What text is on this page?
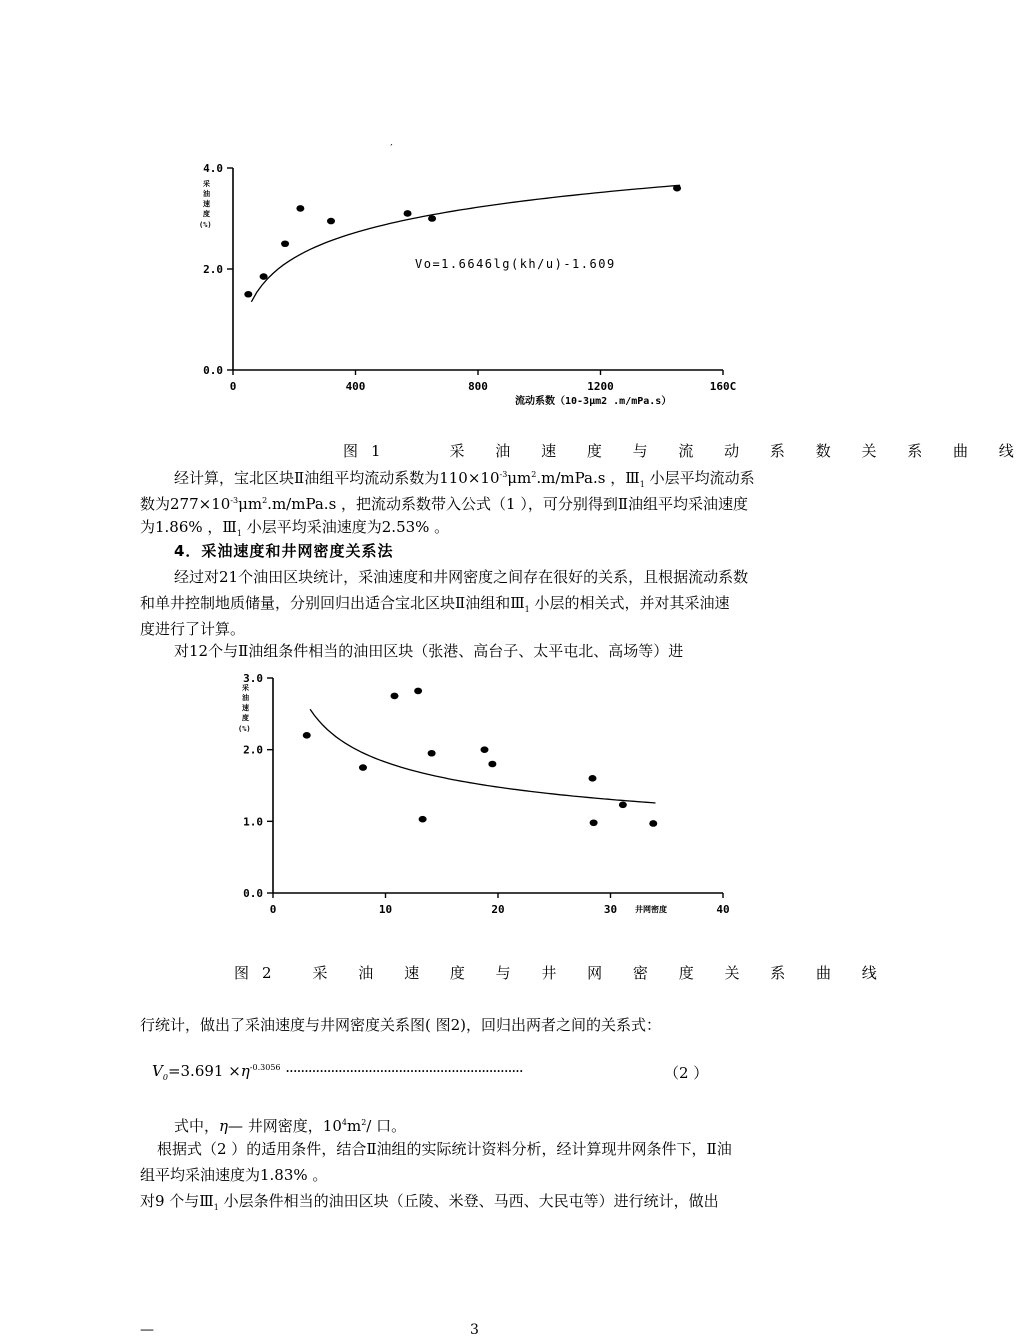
′
0.0
2.0
4.0
0	400	800	1200	160C
采
油
速
度
(%)
Vo=1.6646lg(kh/u)-1.609
流动系数（10-3μm2 .m/mPa.s）
图1　　采 油 速 度 与 流 动 系 数 关 系 曲 线
经计算，宝北区块Ⅱ油组平均流动系数为$110\times 10^{-3}\mu m^2.m/mPa.s$ ，$Ⅲ_1$ 小层平均流动系
数为$277\times 10^{-3}\mu m^2.m/mPa.s$ ，把流动系数带入公式（1 ），可分别得到Ⅱ油组平均采油速度
为1.86% ，$Ⅲ_1$ 小层平均采油速度为2.53% 。
4．采油速度和井网密度关系法
经过对21个油田区块统计，采油速度和井网密度之间存在很好的关系，且根据流动系数
和单井控制地质储量，分别回归出适合宝北区块Ⅱ油组和$Ⅲ_1$ 小层的相关式，并对其采油速
度进行了计算。
对12个与Ⅱ油组条件相当的油田区块（张港、高台子、太平屯北、高场等）进
0.0
1.0
2.0
3.0
0	10	20	30	40
采
油
速
度
(%)
井网密度
图2　采 油 速 度 与 井 网 密 度 关 系 曲 线
行统计，做出了采油速度与井网密度关系图( 图2)，回归出两者之间的关系式：
$V_0=3.691 \times\eta^{-0.3056}$ ·······························································	（2 ）
式中，η— 井网密度，$10^4m^2/$ 口。
根据式（2 ）的适用条件，结合Ⅱ油组的实际统计资料分析，经计算现井网条件下，Ⅱ油
组平均采油速度为1.83% 。
对9 个与$Ⅲ_1$ 小层条件相当的油田区块（丘陵、米登、马西、大民屯等）进行统计，做出
—	3
